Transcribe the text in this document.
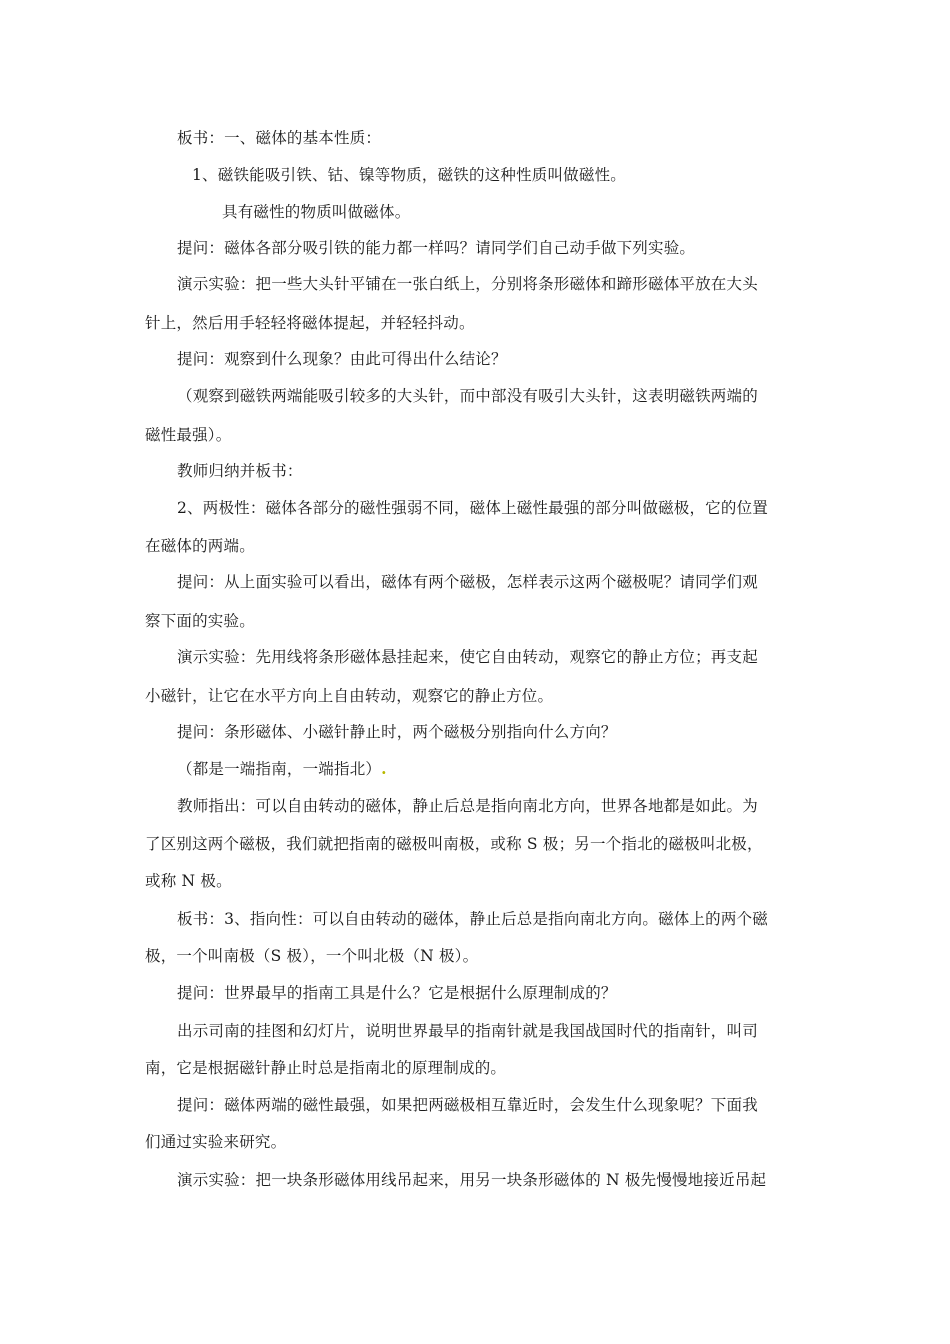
板书：一、磁体的基本性质：
1、磁铁能吸引铁、钴、镍等物质，磁铁的这种性质叫做磁性。
具有磁性的物质叫做磁体。
提问：磁体各部分吸引铁的能力都一样吗？请同学们自己动手做下列实验。
演示实验：把一些大头针平铺在一张白纸上，分别将条形磁体和蹄形磁体平放在大头
针上，然后用手轻轻将磁体提起，并轻轻抖动。
提问：观察到什么现象？由此可得出什么结论？
（观察到磁铁两端能吸引较多的大头针，而中部没有吸引大头针，这表明磁铁两端的
磁性最强）。
教师归纳并板书：
2、两极性：磁体各部分的磁性强弱不同，磁体上磁性最强的部分叫做磁极，它的位置
在磁体的两端。
提问：从上面实验可以看出，磁体有两个磁极，怎样表示这两个磁极呢？请同学们观
察下面的实验。
演示实验：先用线将条形磁体悬挂起来，使它自由转动，观察它的静止方位；再支起
小磁针，让它在水平方向上自由转动，观察它的静止方位。
提问：条形磁体、小磁针静止时，两个磁极分别指向什么方向？
（都是一端指南，一端指北）.
教师指出：可以自由转动的磁体，静止后总是指向南北方向，世界各地都是如此。为
了区别这两个磁极，我们就把指南的磁极叫南极，或称 S 极；另一个指北的磁极叫北极，
或称 N 极。
板书：3、指向性：可以自由转动的磁体，静止后总是指向南北方向。磁体上的两个磁
极，一个叫南极（S 极），一个叫北极（N 极）。
提问：世界最早的指南工具是什么？它是根据什么原理制成的？
出示司南的挂图和幻灯片，说明世界最早的指南针就是我国战国时代的指南针，叫司
南，它是根据磁针静止时总是指南北的原理制成的。
提问：磁体两端的磁性最强，如果把两磁极相互靠近时，会发生什么现象呢？下面我
们通过实验来研究。
演示实验：把一块条形磁体用线吊起来，用另一块条形磁体的 N 极先慢慢地接近吊起
